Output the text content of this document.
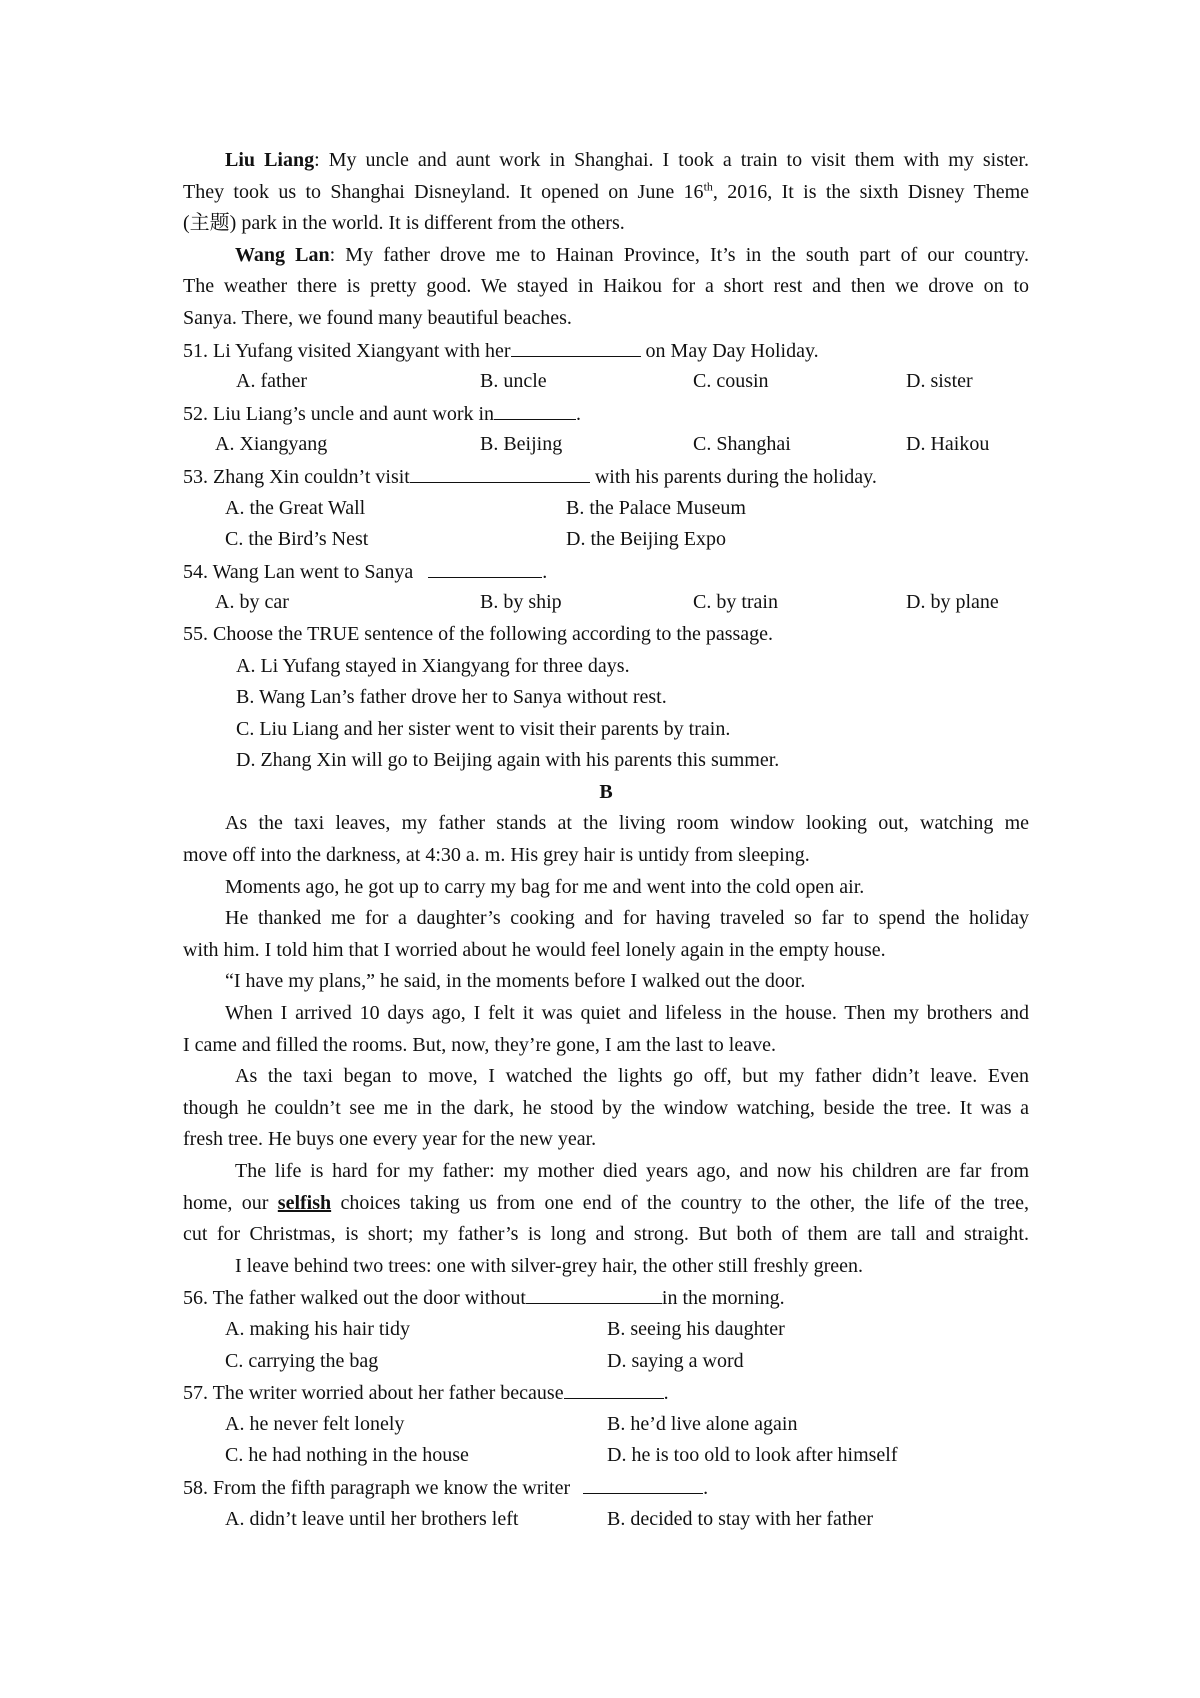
Liu Liang: My uncle and aunt work in Shanghai. I took a train to visit them with my sister.
They took us to Shanghai Disneyland. It opened on June 16th, 2016, It is the sixth Disney Theme
(主题) park in the world. It is different from the others.
Wang Lan: My father drove me to Hainan Province, It’s in the south part of our country.
The weather there is pretty good. We stayed in Haikou for a short rest and then we drove on to
Sanya. There, we found many beautiful beaches.
51. Li Yufang visited Xiangyant with her	on May Day Holiday.
A. father	B. uncle	C. cousin	D. sister
52. Liu Liang’s uncle and aunt work in	.
A. Xiangyang	B. Beijing	C. Shanghai	D. Haikou
53. Zhang Xin couldn’t visit	with his parents during the holiday.
A. the Great Wall	B. the Palace Museum
C. the Bird’s Nest	D. the Beijing Expo
54. Wang Lan went to Sanya	.
A. by car	B. by ship	C. by train	D. by plane
55. Choose the TRUE sentence of the following according to the passage.
A. Li Yufang stayed in Xiangyang for three days.
B. Wang Lan’s father drove her to Sanya without rest.
C. Liu Liang and her sister went to visit their parents by train.
D. Zhang Xin will go to Beijing again with his parents this summer.
B
As the taxi leaves, my father stands at the living room window looking out, watching me
move off into the darkness, at 4:30 a. m. His grey hair is untidy from sleeping.
Moments ago, he got up to carry my bag for me and went into the cold open air.
He thanked me for a daughter’s cooking and for having traveled so far to spend the holiday
with him. I told him that I worried about he would feel lonely again in the empty house.
“I have my plans,” he said, in the moments before I walked out the door.
When I arrived 10 days ago, I felt it was quiet and lifeless in the house. Then my brothers and
I came and filled the rooms. But, now, they’re gone, I am the last to leave.
As the taxi began to move, I watched the lights go off, but my father didn’t leave. Even
though he couldn’t see me in the dark, he stood by the window watching, beside the tree. It was a
fresh tree. He buys one every year for the new year.
The life is hard for my father: my mother died years ago, and now his children are far from
home, our selfish choices taking us from one end of the country to the other, the life of the tree,
cut for Christmas, is short; my father’s is long and strong. But both of them are tall and straight.
I leave behind two trees: one with silver-grey hair, the other still freshly green.
56. The father walked out the door without	in the morning.
A. making his hair tidy	B. seeing his daughter
C. carrying the bag	D. saying a word
57. The writer worried about her father because	.
A. he never felt lonely	B. he’d live alone again
C. he had nothing in the house	D. he is too old to look after himself
58. From the fifth paragraph we know the writer	.
A. didn’t leave until her brothers left	B. decided to stay with her father
